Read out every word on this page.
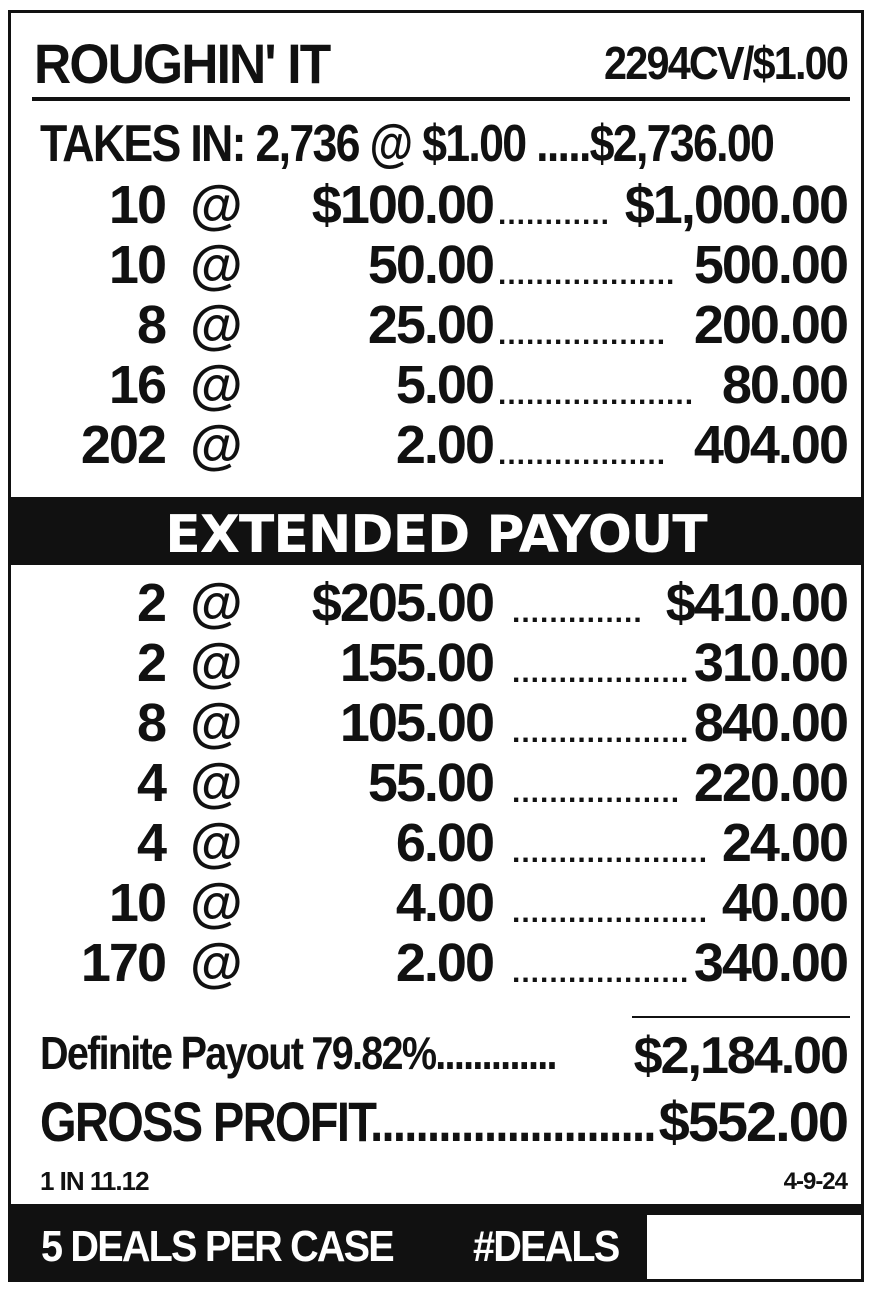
ROUGHIN' IT	2294CV/$1.00
TAKES IN: 2,736 @ $1.00 .....$2,736.00
10 @ $100.00 ............ $1,000.00
10 @ 50.00 ................... 500.00
8 @ 25.00 .................. 200.00
16 @	5.00 ..................... 80.00
202 @	2.00 .................. 404.00
EXTENDED PAYOUT
2 @ $205.00 .............. $410.00
2 @ 155.00 ................... 310.00
8 @ 105.00 ................... 840.00
4 @ 55.00 .................. 220.00
4 @	6.00 ..................... 24.00
10 @	4.00 ..................... 40.00
170 @	2.00 ................... 340.00
Definite Payout 79.82%............. $2,184.00
GROSS PROFIT......................... $552.00
1 IN 11.12	4-9-24
5 DEALS PER CASE #DEALS
